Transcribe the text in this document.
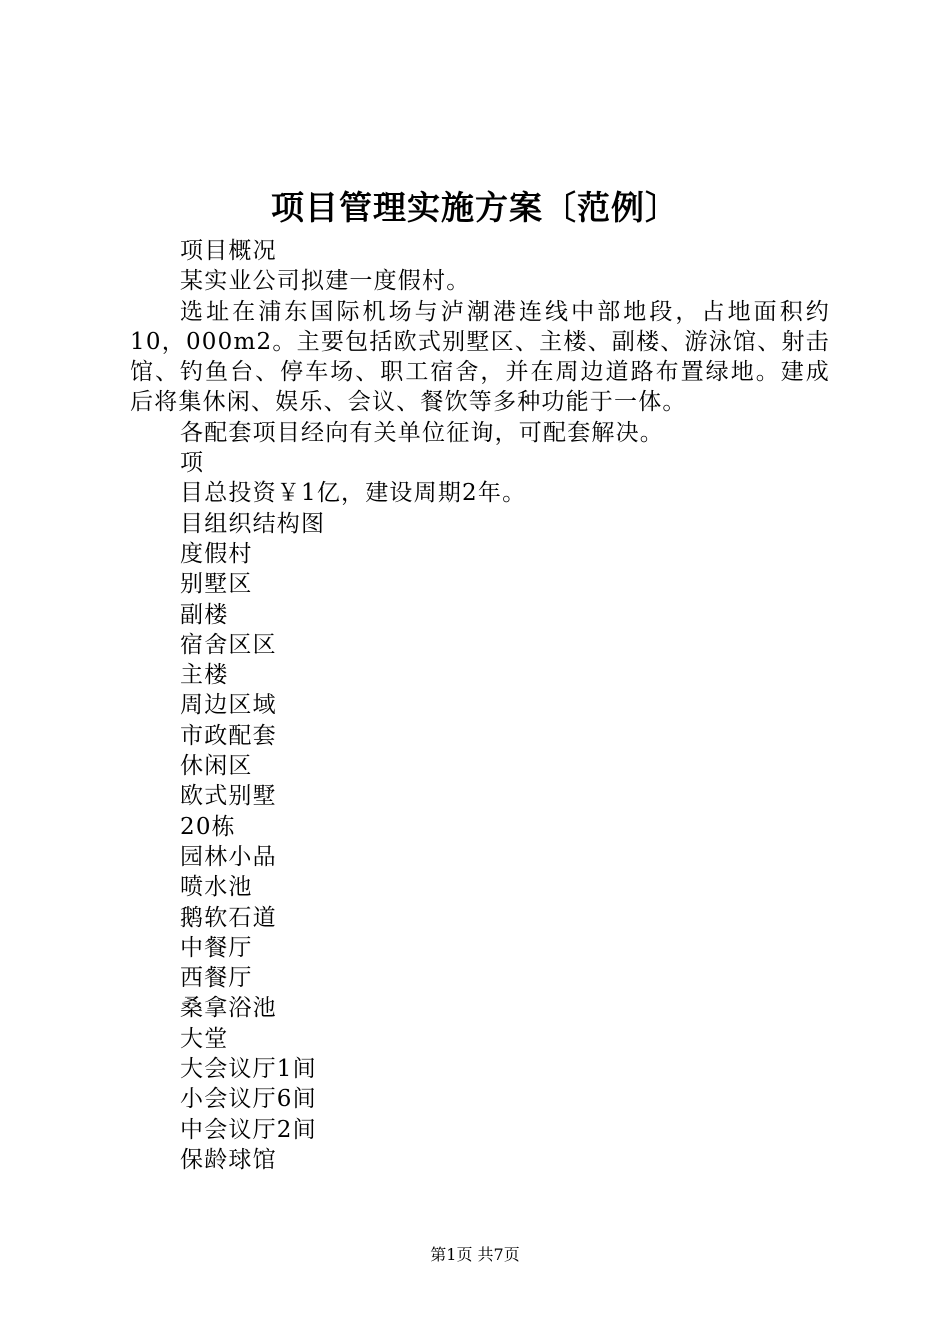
项目管理实施方案〔范例〕

项目概况

某实业公司拟建一度假村。

选址在浦东国际机场与泸潮港连线中部地段，占地面积约10，000m2。主要包括欧式别墅区、主楼、副楼、游泳馆、射击馆、钓鱼台、停车场、职工宿舍，并在周边道路布置绿地。建成后将集休闲、娱乐、会议、餐饮等多种功能于一体。

各配套项目经向有关单位征询，可配套解决。

项

目总投资￥1亿，建设周期2年。

目组织结构图

度假村
别墅区
副楼
宿舍区区
主楼
周边区域
市政配套
休闲区
欧式别墅
20栋
园林小品
喷水池
鹅软石道
中餐厅
西餐厅
桑拿浴池
大堂
大会议厅1间
小会议厅6间
中会议厅2间
保龄球馆
第1页 共7页
